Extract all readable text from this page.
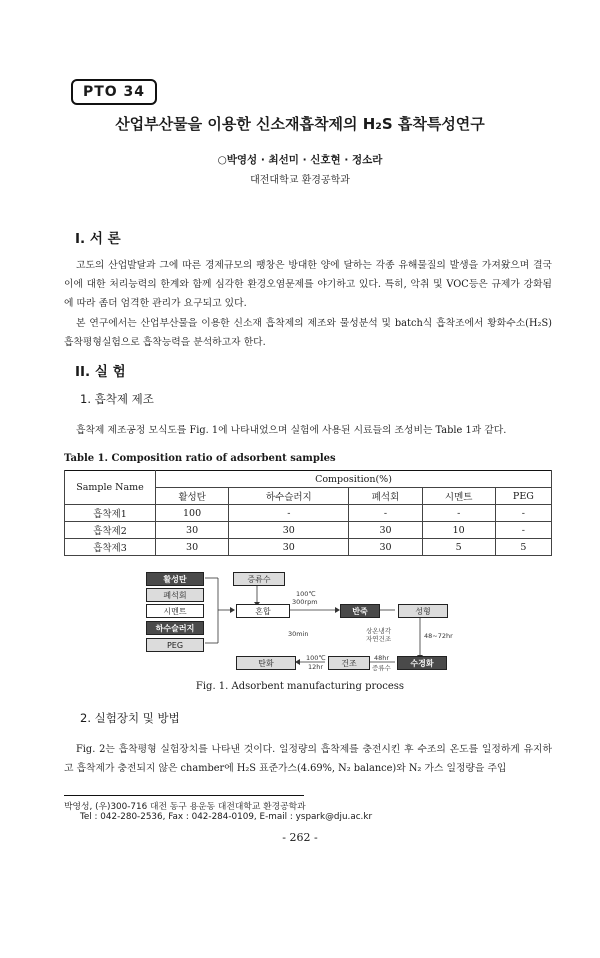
PTO 34
산업부산물을 이용한 신소재흡착제의 H₂S 흡착특성연구
○박영성 · 최선미 · 신호현 · 정소라
대전대학교 환경공학과
I. 서 론
고도의 산업발달과 그에 따른 경제규모의 팽창은 방대한 양에 달하는 각종 유해물질의 발생을 가져왔으며 결국 이에 대한 처리능력의 한계와 함께 심각한 환경오염문제를 야기하고 있다. 특히, 악취 및 VOC등은 규제가 강화됨에 따라 좀더 엄격한 관리가 요구되고 있다.
본 연구에서는 산업부산물을 이용한 신소재 흡착제의 제조와 물성분석 및 batch식 흡착조에서 황화수소(H₂S) 흡착평형실험으로 흡착능력을 분석하고자 한다.
II. 실 험
1. 흡착제 제조
흡착제 제조공정 모식도를 Fig. 1에 나타내었으며 실험에 사용된 시료들의 조성비는 Table 1과 같다.
Table 1. Composition ratio of adsorbent samples
Sample Name	Composition(%)				
	활성탄	하수슬러지	폐석회	시멘트	PEG
흡착제1	100	-	-	-	-
흡착제2	30	30	30	10	-
흡착제3	30	30	30	5	5
활성탄
폐석회
시멘트
하수슬러지
PEG
증류수
혼합	반죽	성형
수경화
건조
탄화
100℃
300rpm
30min	상온냉각
자연건조	48~72hr
48hr
증류수
100℃
12hr
Fig. 1. Adsorbent manufacturing process
2. 실험장치 및 방법
Fig. 2는 흡착평형 실험장치를 나타낸 것이다. 일정량의 흡착제를 충전시킨 후 수조의 온도를 일정하게 유지하고 흡착제가 충전되지 않은 chamber에 H₂S 표준가스(4.69%, N₂ balance)와 N₂ 가스 일정량을 주입
박영성, (우)300-716 대전 동구 용운동 대전대학교 환경공학과
Tel : 042-280-2536, Fax : 042-284-0109, E-mail : yspark@dju.ac.kr
- 262 -
